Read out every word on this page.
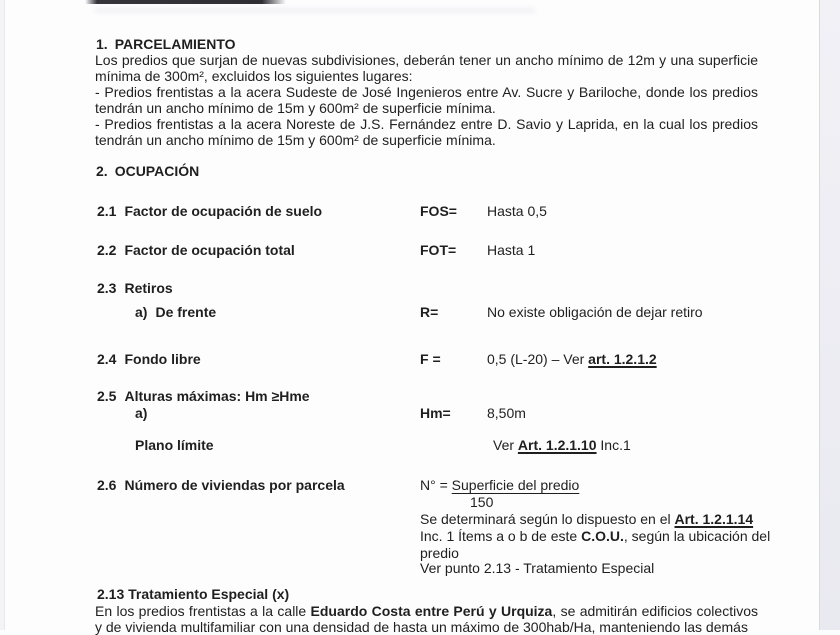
1. PARCELAMIENTO

Los predios que surjan de nuevas subdivisiones, deberán tener un ancho mínimo de 12m y una superficie mínima de 300m², excluidos los siguientes lugares:

- Predios frentistas a la acera Sudeste de José Ingenieros entre Av. Sucre y Bariloche, donde los predios tendrán un ancho mínimo de 15m y 600m² de superficie mínima.

- Predios frentistas a la acera Noreste de J.S. Fernández entre D. Savio y Laprida, en la cual los predios tendrán un ancho mínimo de 15m y 600m² de superficie mínima.

2. OCUPACIÓN
2.1 Factor de ocupación de suelo	FOS= Hasta 0,5
2.2 Factor de ocupación total	FOT= Hasta 1
2.3 Retiros
a) De frente	R=	No existe obligación de dejar retiro
2.4 Fondo libre	F =	0,5 (L-20) – Ver art. 1.2.1.2
2.5 Alturas máximas: Hm ≥Hme
a)	Hm=	8,50m
Plano límite	Ver Art. 1.2.1.10 Inc.1
2.6 Número de viviendas por parcela	N° = Superficie del predio
150
Se determinará según lo dispuesto en el Art. 1.2.1.14
Inc. 1 Ítems a o b de este C.O.U., según la ubicación del
predio
Ver punto 2.13 - Tratamiento Especial
2.13 Tratamiento Especial (x)

En los predios frentistas a la calle Eduardo Costa entre Perú y Urquiza, se admitirán edificios colectivos y de vivienda multifamiliar con una densidad de hasta un máximo de 300hab/Ha, manteniendo las demás
